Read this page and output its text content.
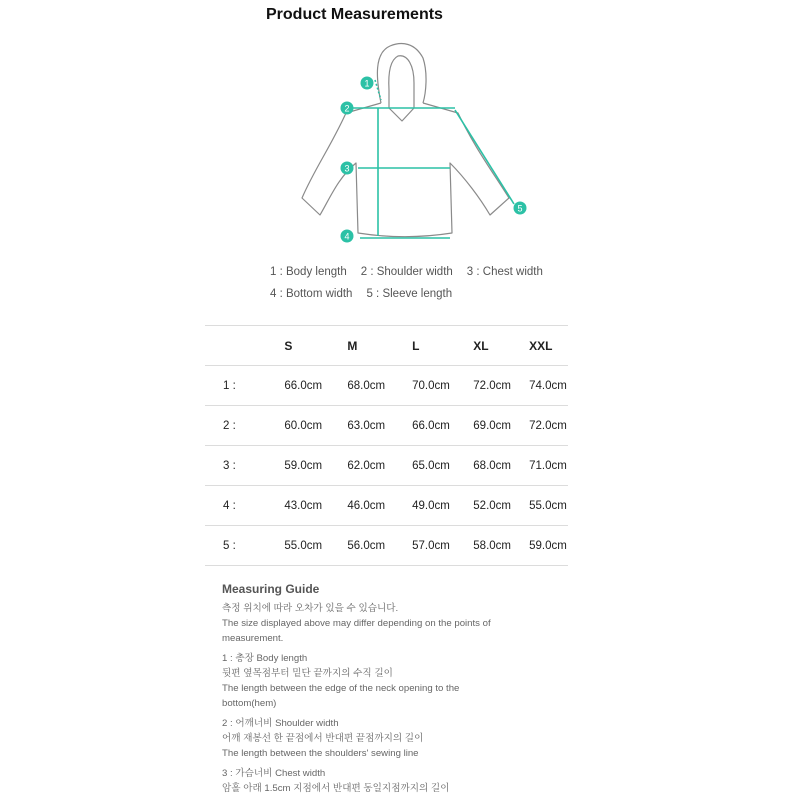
Product Measurements
1
2
3
4
5
1 : Body length 2 : Shoulder width 3 : Chest width
4 : Bottom width 5 : Sleeve length
	S	M	L	XL	XXL
1 :	66.0cm	68.0cm	70.0cm	72.0cm	74.0cm
2 :	60.0cm	63.0cm	66.0cm	69.0cm	72.0cm
3 :	59.0cm	62.0cm	65.0cm	68.0cm	71.0cm
4 :	43.0cm	46.0cm	49.0cm	52.0cm	55.0cm
5 :	55.0cm	56.0cm	57.0cm	58.0cm	59.0cm
Measuring Guide

측정 위치에 따라 오차가 있을 수 있습니다.
The size displayed above may differ depending on the points of
measurement.

1 : 총장 Body length
뒷편 옆목점부터 밑단 끝까지의 수직 길이
The length between the edge of the neck opening to the
bottom(hem)

2 : 어깨너비 Shoulder width
어깨 재봉선 한 끝점에서 반대편 끝점까지의 길이
The length between the shoulders' sewing line

3 : 가슴너비 Chest width
암홀 아래 1.5cm 지점에서 반대편 동일지점까지의 길이
